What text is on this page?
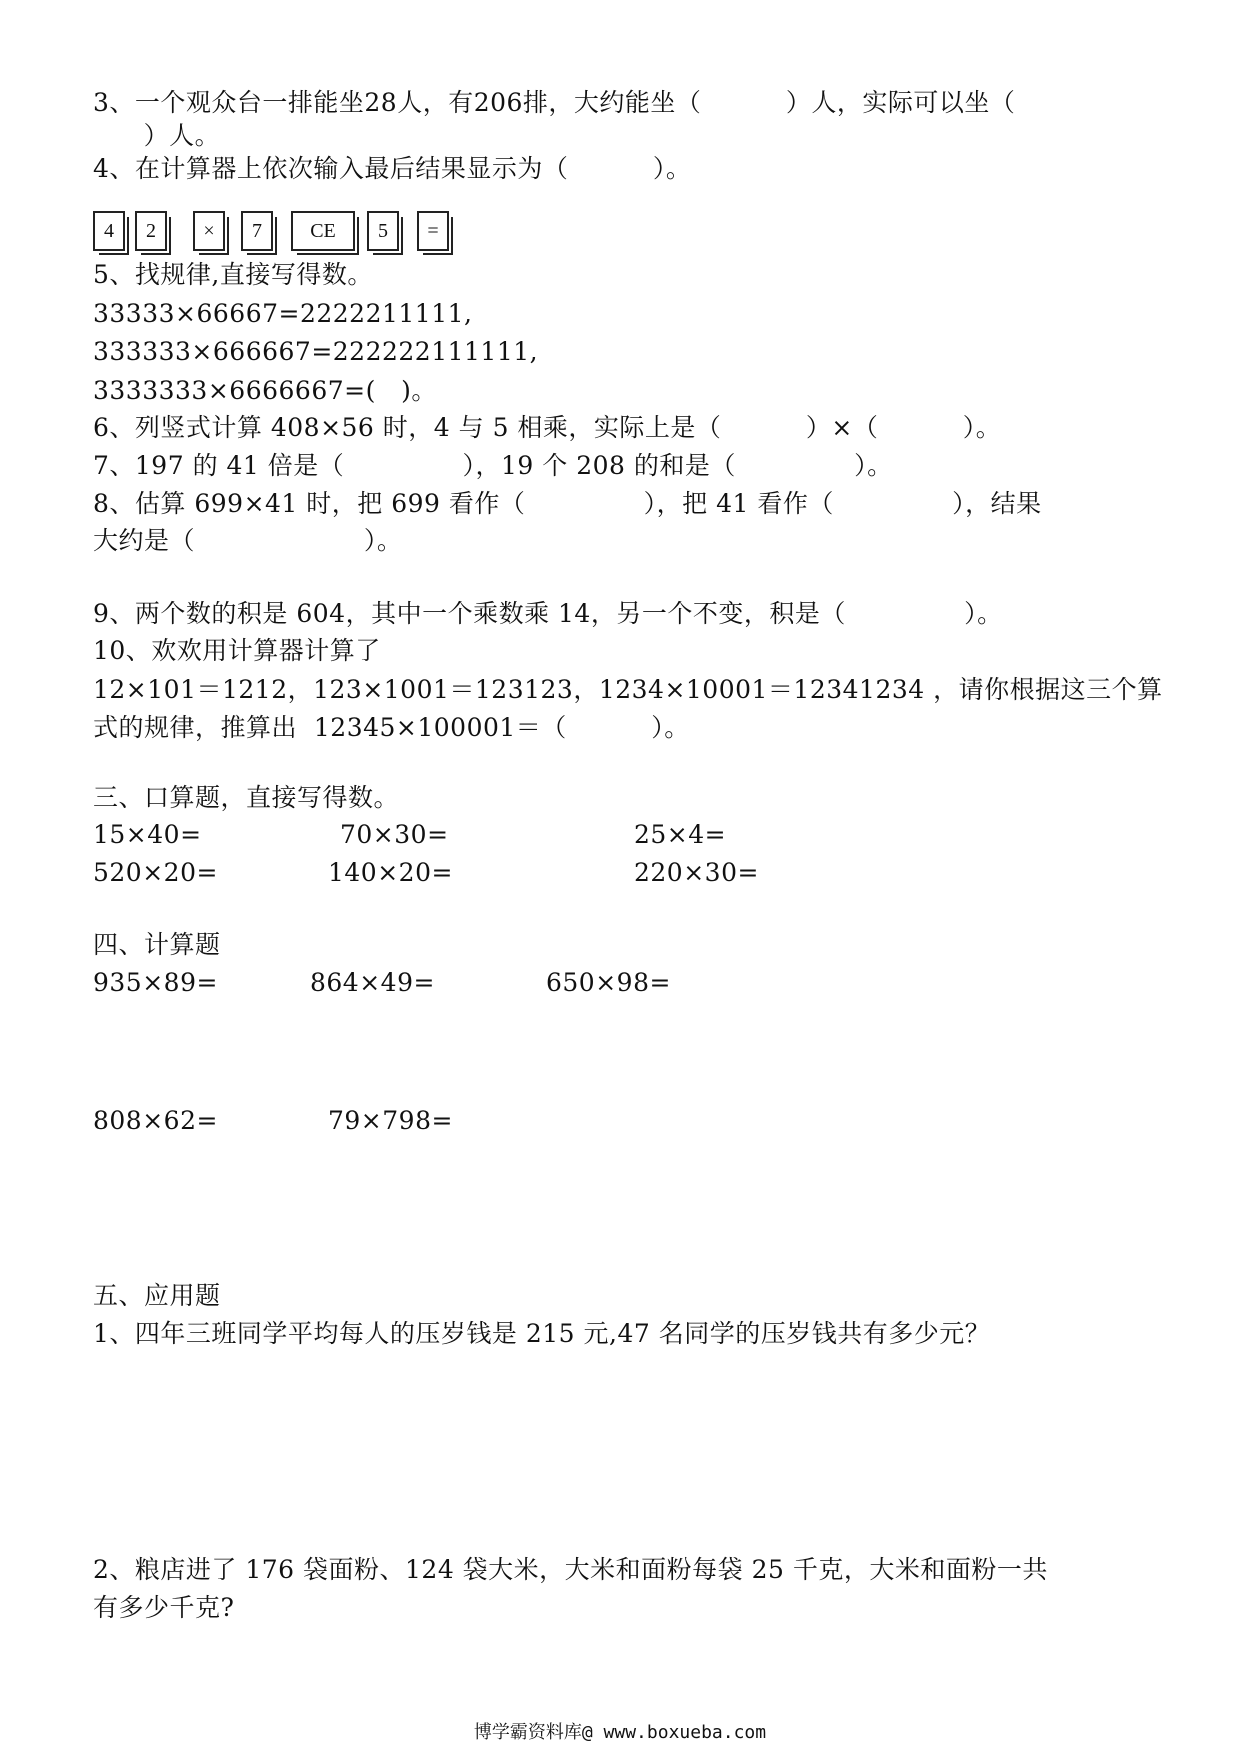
3、一个观众台一排能坐28人，有206排，大约能坐（          ）人，实际可以坐（
）人。
4、在计算器上依次输入最后结果显示为（          ）。
4	2	×	7	CE	5	=
5、找规律,直接写得数。
33333×66667=2222211111,
333333×666667=222222111111,
3333333×6666667=(   )。
6、列竖式计算 408×56 时，4 与 5 相乘，实际上是（          ）×（          ）。
7、197 的 41 倍是（              ），19 个 208 的和是（              ）。
8、估算 699×41 时，把 699 看作（              ），把 41 看作（              ），结果
大约是（                    ）。
9、两个数的积是 604，其中一个乘数乘 14，另一个不变，积是（              ）。
10、欢欢用计算器计算了
12×101＝1212，123×1001＝123123，1234×10001＝12341234 ，请你根据这三个算
式的规律，推算出  12345×100001＝（          ）。
三、口算题，直接写得数。
15×40=	70×30=	25×4=
520×20=	140×20=	220×30=
四、计算题
935×89=	864×49=	650×98=
808×62=	79×798=
五、应用题
1、四年三班同学平均每人的压岁钱是 215 元,47 名同学的压岁钱共有多少元？
2、粮店进了 176 袋面粉、124 袋大米，大米和面粉每袋 25 千克，大米和面粉一共
有多少千克?
博学霸资料库@ www.boxueba.com
